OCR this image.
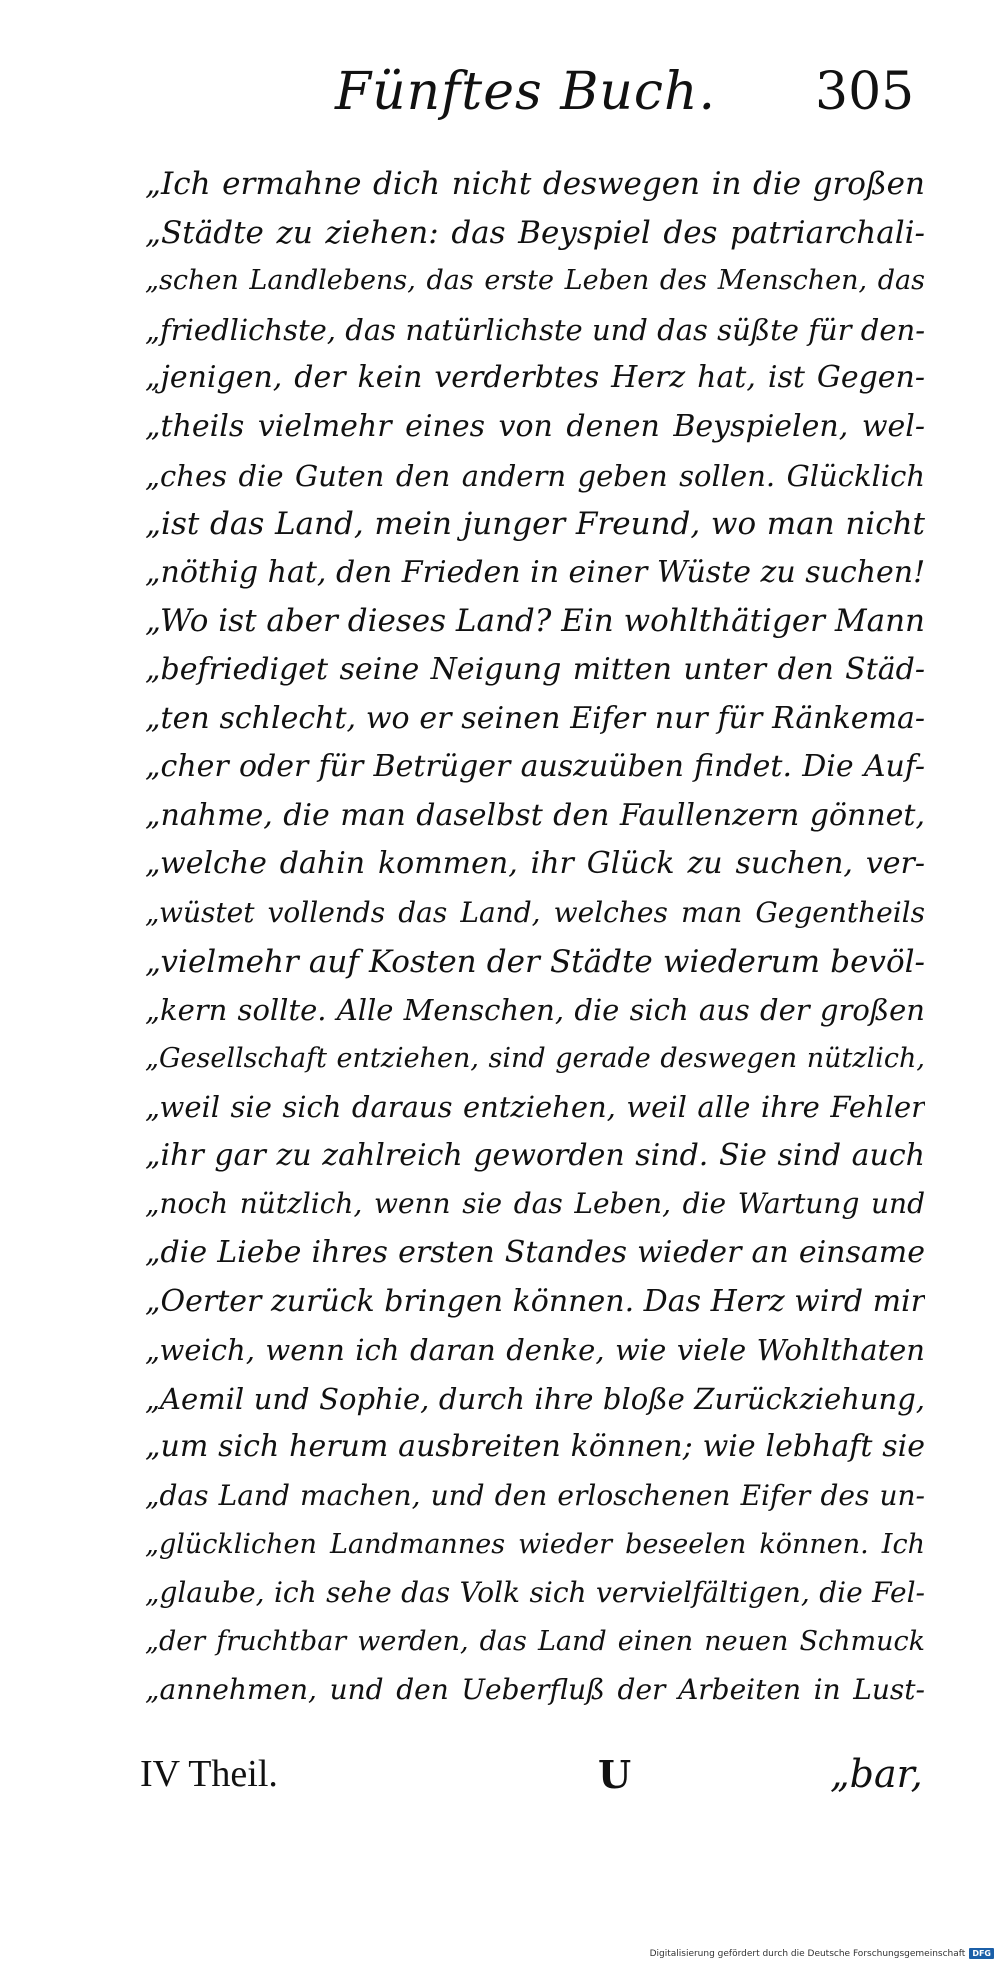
Fünftes Buch. 305
„Ich ermahne dich nicht deswegen in die großen
„Städte zu ziehen: das Beyspiel des patriarchali-
„schen Landlebens, das erste Leben des Menschen, das
„friedlichste, das natürlichste und das süßte für den-
„jenigen, der kein verderbtes Herz hat, ist Gegen-
„theils vielmehr eines von denen Beyspielen, wel-
„ches die Guten den andern geben sollen. Glücklich
„ist das Land, mein junger Freund, wo man nicht
„nöthig hat, den Frieden in einer Wüste zu suchen!
„Wo ist aber dieses Land? Ein wohlthätiger Mann
„befriediget seine Neigung mitten unter den Städ-
„ten schlecht, wo er seinen Eifer nur für Ränkema-
„cher oder für Betrüger auszuüben findet. Die Auf-
„nahme, die man daselbst den Faullenzern gönnet,
„welche dahin kommen, ihr Glück zu suchen, ver-
„wüstet vollends das Land, welches man Gegentheils
„vielmehr auf Kosten der Städte wiederum bevöl-
„kern sollte. Alle Menschen, die sich aus der großen
„Gesellschaft entziehen, sind gerade deswegen nützlich,
„weil sie sich daraus entziehen, weil alle ihre Fehler
„ihr gar zu zahlreich geworden sind. Sie sind auch
„noch nützlich, wenn sie das Leben, die Wartung und
„die Liebe ihres ersten Standes wieder an einsame
„Oerter zurück bringen können. Das Herz wird mir
„weich, wenn ich daran denke, wie viele Wohlthaten
„Aemil und Sophie, durch ihre bloße Zurückziehung,
„um sich herum ausbreiten können; wie lebhaft sie
„das Land machen, und den erloschenen Eifer des un-
„glücklichen Landmannes wieder beseelen können. Ich
„glaube, ich sehe das Volk sich vervielfältigen, die Fel-
„der fruchtbar werden, das Land einen neuen Schmuck
„annehmen, und den Ueberfluß der Arbeiten in Lust-
IV Theil.	U	„bar,
Digitalisierung gefördert durch die Deutsche Forschungsgemeinschaft DFG
